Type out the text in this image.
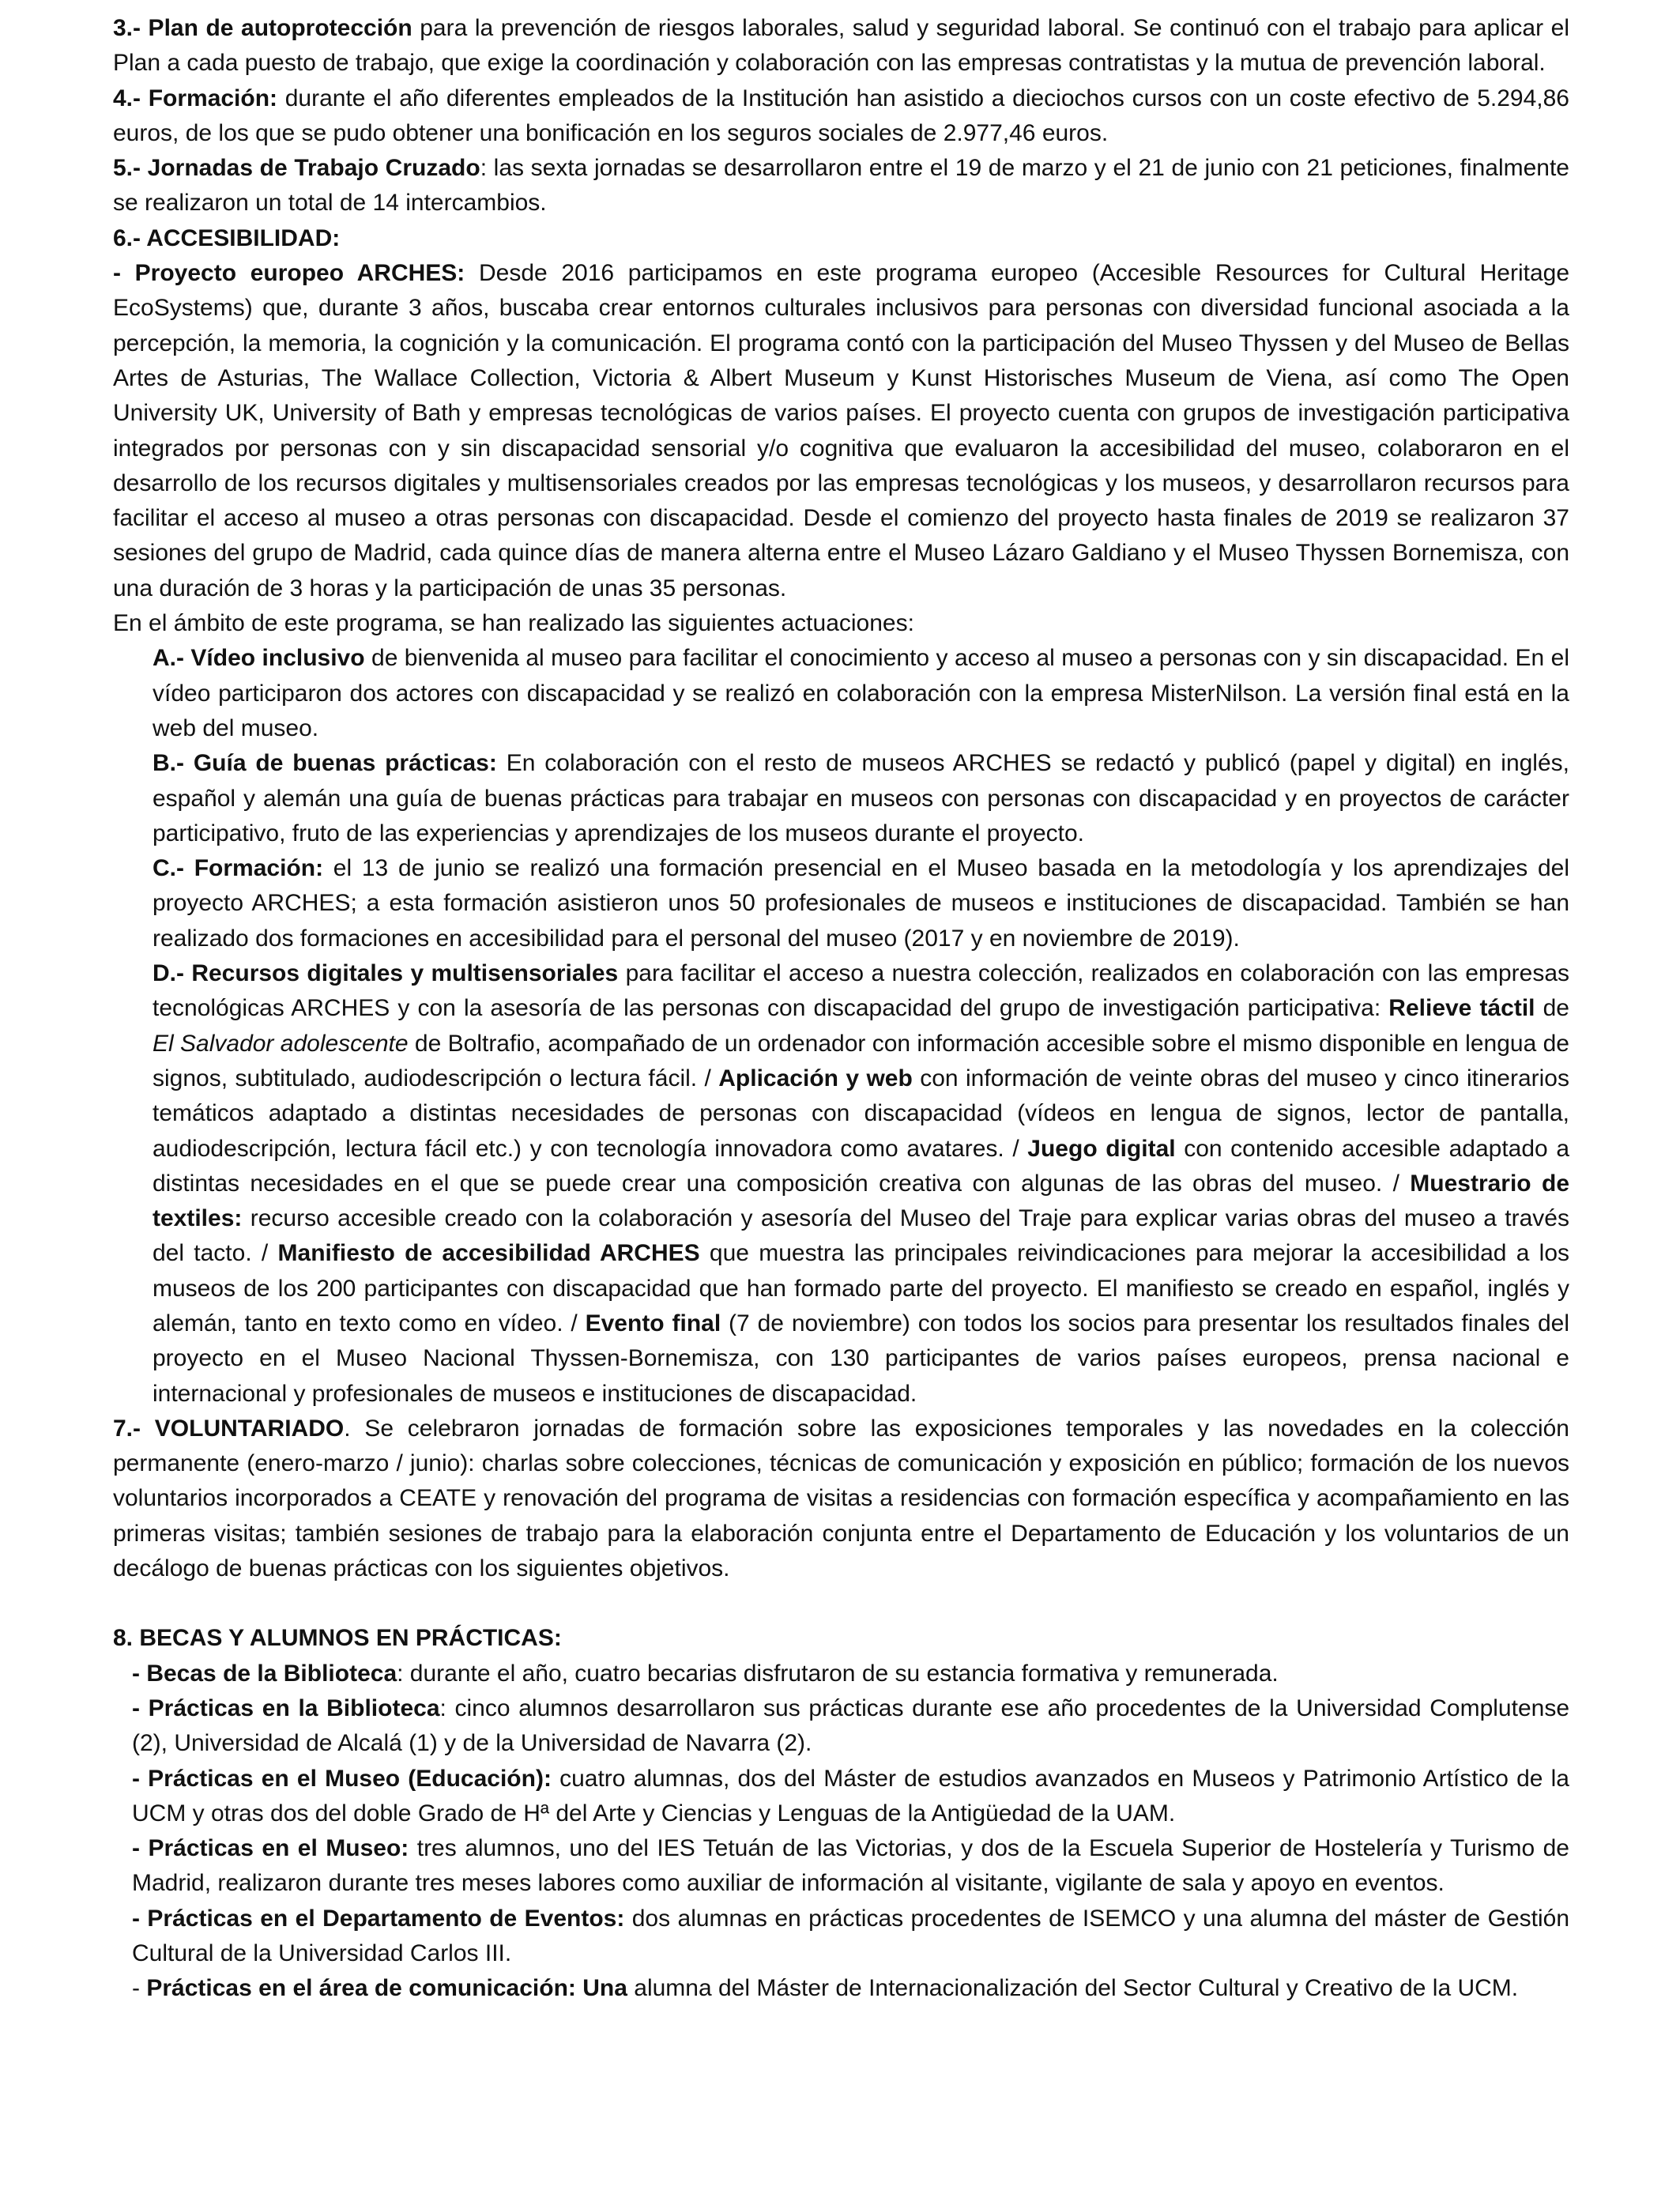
3.- Plan de autoprotección para la prevención de riesgos laborales, salud y seguridad laboral. Se continuó con el trabajo para aplicar el Plan a cada puesto de trabajo, que exige la coordinación y colaboración con las empresas contratistas y la mutua de prevención laboral.

4.- Formación: durante el año diferentes empleados de la Institución han asistido a dieciochos cursos con un coste efectivo de 5.294,86 euros, de los que se pudo obtener una bonificación en los seguros sociales de 2.977,46 euros.

5.- Jornadas de Trabajo Cruzado: las sexta jornadas se desarrollaron entre el 19 de marzo y el 21 de junio con 21 peticiones, finalmente se realizaron un total de 14 intercambios.

6.- ACCESIBILIDAD:

- Proyecto europeo ARCHES: Desde 2016 participamos en este programa europeo (Accesible Resources for Cultural Heritage EcoSystems) que, durante 3 años, buscaba crear entornos culturales inclusivos para personas con diversidad funcional asociada a la percepción, la memoria, la cognición y la comunicación. El programa contó con la participación del Museo Thyssen y del Museo de Bellas Artes de Asturias, The Wallace Collection, Victoria & Albert Museum y Kunst Historisches Museum de Viena, así como The Open University UK, University of Bath y empresas tecnológicas de varios países. El proyecto cuenta con grupos de investigación participativa integrados por personas con y sin discapacidad sensorial y/o cognitiva que evaluaron la accesibilidad del museo, colaboraron en el desarrollo de los recursos digitales y multisensoriales creados por las empresas tecnológicas y los museos, y desarrollaron recursos para facilitar el acceso al museo a otras personas con discapacidad. Desde el comienzo del proyecto hasta finales de 2019 se realizaron 37 sesiones del grupo de Madrid, cada quince días de manera alterna entre el Museo Lázaro Galdiano y el Museo Thyssen Bornemisza, con una duración de 3 horas y la participación de unas 35 personas.

En el ámbito de este programa, se han realizado las siguientes actuaciones:

A.- Vídeo inclusivo de bienvenida al museo para facilitar el conocimiento y acceso al museo a personas con y sin discapacidad. En el vídeo participaron dos actores con discapacidad y se realizó en colaboración con la empresa MisterNilson. La versión final está en la web del museo.

B.- Guía de buenas prácticas: En colaboración con el resto de museos ARCHES se redactó y publicó (papel y digital) en inglés, español y alemán una guía de buenas prácticas para trabajar en museos con personas con discapacidad y en proyectos de carácter participativo, fruto de las experiencias y aprendizajes de los museos durante el proyecto.

C.- Formación: el 13 de junio se realizó una formación presencial en el Museo basada en la metodología y los aprendizajes del proyecto ARCHES; a esta formación asistieron unos 50 profesionales de museos e instituciones de discapacidad. También se han realizado dos formaciones en accesibilidad para el personal del museo (2017 y en noviembre de 2019).

D.- Recursos digitales y multisensoriales para facilitar el acceso a nuestra colección, realizados en colaboración con las empresas tecnológicas ARCHES y con la asesoría de las personas con discapacidad del grupo de investigación participativa: Relieve táctil de El Salvador adolescente de Boltrafio, acompañado de un ordenador con información accesible sobre el mismo disponible en lengua de signos, subtitulado, audiodescripción o lectura fácil. / Aplicación y web con información de veinte obras del museo y cinco itinerarios temáticos adaptado a distintas necesidades de personas con discapacidad (vídeos en lengua de signos, lector de pantalla, audiodescripción, lectura fácil etc.) y con tecnología innovadora como avatares. / Juego digital con contenido accesible adaptado a distintas necesidades en el que se puede crear una composición creativa con algunas de las obras del museo. / Muestrario de textiles: recurso accesible creado con la colaboración y asesoría del Museo del Traje para explicar varias obras del museo a través del tacto. / Manifiesto de accesibilidad ARCHES que muestra las principales reivindicaciones para mejorar la accesibilidad a los museos de los 200 participantes con discapacidad que han formado parte del proyecto. El manifiesto se creado en español, inglés y alemán, tanto en texto como en vídeo. / Evento final (7 de noviembre) con todos los socios para presentar los resultados finales del proyecto en el Museo Nacional Thyssen-Bornemisza, con 130 participantes de varios países europeos, prensa nacional e internacional y profesionales de museos e instituciones de discapacidad.

7.- VOLUNTARIADO. Se celebraron jornadas de formación sobre las exposiciones temporales y las novedades en la colección permanente (enero-marzo / junio): charlas sobre colecciones, técnicas de comunicación y exposición en público; formación de los nuevos voluntarios incorporados a CEATE y renovación del programa de visitas a residencias con formación específica y acompañamiento en las primeras visitas; también sesiones de trabajo para la elaboración conjunta entre el Departamento de Educación y los voluntarios de un decálogo de buenas prácticas con los siguientes objetivos.

8. BECAS Y ALUMNOS EN PRÁCTICAS:

- Becas de la Biblioteca: durante el año, cuatro becarias disfrutaron de su estancia formativa y remunerada.

- Prácticas en la Biblioteca: cinco alumnos desarrollaron sus prácticas durante ese año procedentes de la Universidad Complutense (2), Universidad de Alcalá (1) y de la Universidad de Navarra (2).

- Prácticas en el Museo (Educación): cuatro alumnas, dos del Máster de estudios avanzados en Museos y Patrimonio Artístico de la UCM y otras dos del doble Grado de Hª del Arte y Ciencias y Lenguas de la Antigüedad de la UAM.

- Prácticas en el Museo: tres alumnos, uno del IES Tetuán de las Victorias, y dos de la Escuela Superior de Hostelería y Turismo de Madrid, realizaron durante tres meses labores como auxiliar de información al visitante, vigilante de sala y apoyo en eventos.

- Prácticas en el Departamento de Eventos: dos alumnas en prácticas procedentes de ISEMCO y una alumna del máster de Gestión Cultural de la Universidad Carlos III.

- Prácticas en el área de comunicación: Una alumna del Máster de Internacionalización del Sector Cultural y Creativo de la UCM.
